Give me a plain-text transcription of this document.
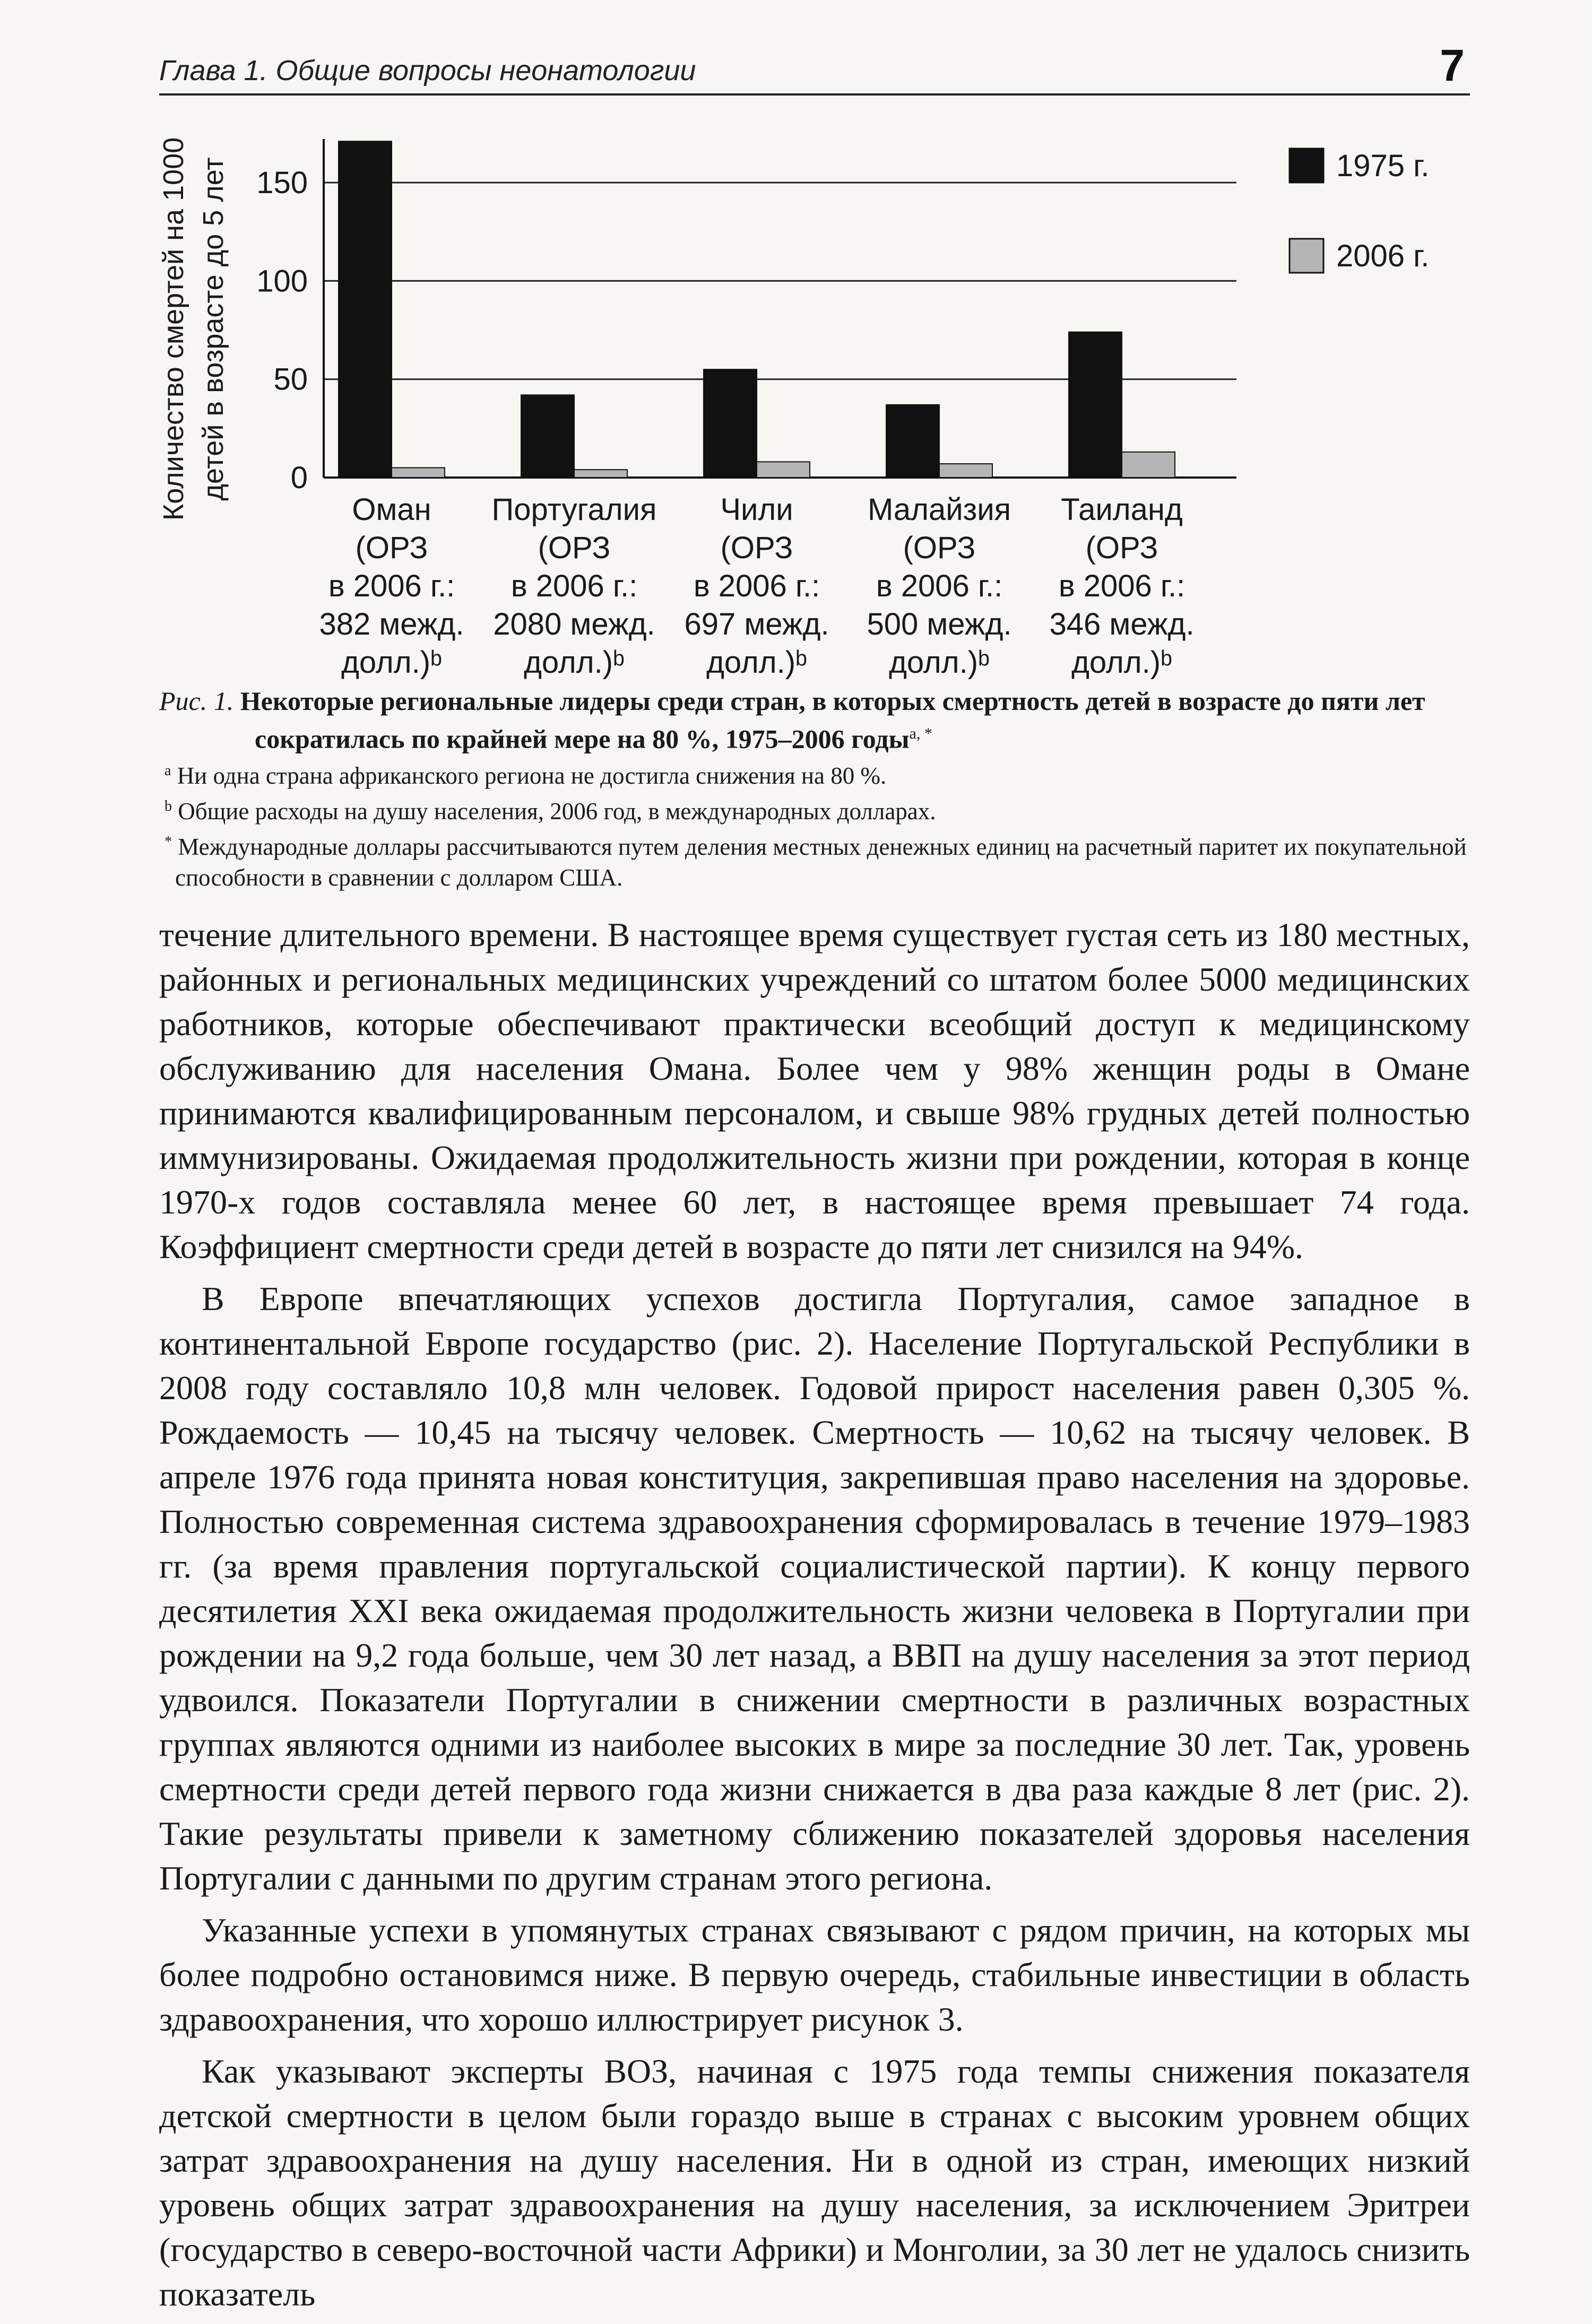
Глава 1. Общие вопросы неонатологии	7
0
50
100
150
Оман (ОРЗ в 2006 г.: 382 межд. долл.)ᵇ
Португалия (ОРЗ в 2006 г.: 2080 межд. долл.)ᵇ
Чили (ОРЗ в 2006 г.: 697 межд. долл.)ᵇ
Малайзия (ОРЗ в 2006 г.: 500 межд. долл.)ᵇ
Таиланд (ОРЗ в 2006 г.: 346 межд. долл.)ᵇ
1975 г.
2006 г.
Количество смертей на 1000 детей в возрасте до 5 лет
Рис. 1. Некоторые региональные лидеры среди стран, в которых смертность детей в возрасте до пяти лет сократилась по крайней мере на 80 %, 1975–2006 годы$^{a, *}$
$^a$ Ни одна страна африканского региона не достигла снижения на 80 %.
$^b$ Общие расходы на душу населения, 2006 год, в международных долларах.
* Международные доллары рассчитываются путем деления местных денежных единиц на расчетный паритет их покупательной способности в сравнении с долларом США.

течение длительного времени. В настоящее время существует густая сеть из 180 местных, районных и региональных медицинских учреждений со штатом более 5000 медицинских работников, которые обеспечивают практически всеобщий доступ к медицинскому обслуживанию для населения Омана. Более чем у 98% женщин роды в Омане принимаются квалифицированным персоналом, и свыше 98% грудных детей полностью иммунизированы. Ожидаемая продолжительность жизни при рождении, которая в конце 1970-х годов составляла менее 60 лет, в настоящее время превышает 74 года. Коэффициент смертности среди детей в возрасте до пяти лет снизился на 94%.

В Европе впечатляющих успехов достигла Португалия, самое западное в континентальной Европе государство (рис. 2). Население Португальской Республики в 2008 году составляло 10,8 млн человек. Годовой прирост населения равен 0,305 %. Рождаемость — 10,45 на тысячу человек. Смертность — 10,62 на тысячу человек. В апреле 1976 года принята новая конституция, закрепившая право населения на здоровье. Полностью современная система здравоохранения сформировалась в течение 1979–1983 гг. (за время правления португальской социалистической партии). К концу первого десятилетия XXI века ожидаемая продолжительность жизни человека в Португалии при рождении на 9,2 года больше, чем 30 лет назад, а ВВП на душу населения за этот период удвоился. Показатели Португалии в снижении смертности в различных возрастных группах являются одними из наиболее высоких в мире за последние 30 лет. Так, уровень смертности среди детей первого года жизни снижается в два раза каждые 8 лет (рис. 2). Такие результаты привели к заметному сближению показателей здоровья населения Португалии с данными по другим странам этого региона.

Указанные успехи в упомянутых странах связывают с рядом причин, на которых мы более подробно остановимся ниже. В первую очередь, стабильные инвестиции в область здравоохранения, что хорошо иллюстрирует рисунок 3.

Как указывают эксперты ВОЗ, начиная с 1975 года темпы снижения показателя детской смертности в целом были гораздо выше в странах с высоким уровнем общих затрат здравоохранения на душу населения. Ни в одной из стран, имеющих низкий уровень общих затрат здравоохранения на душу населения, за исключением Эритреи (государство в северо-восточной части Африки) и Монголии, за 30 лет не удалось снизить показатель
